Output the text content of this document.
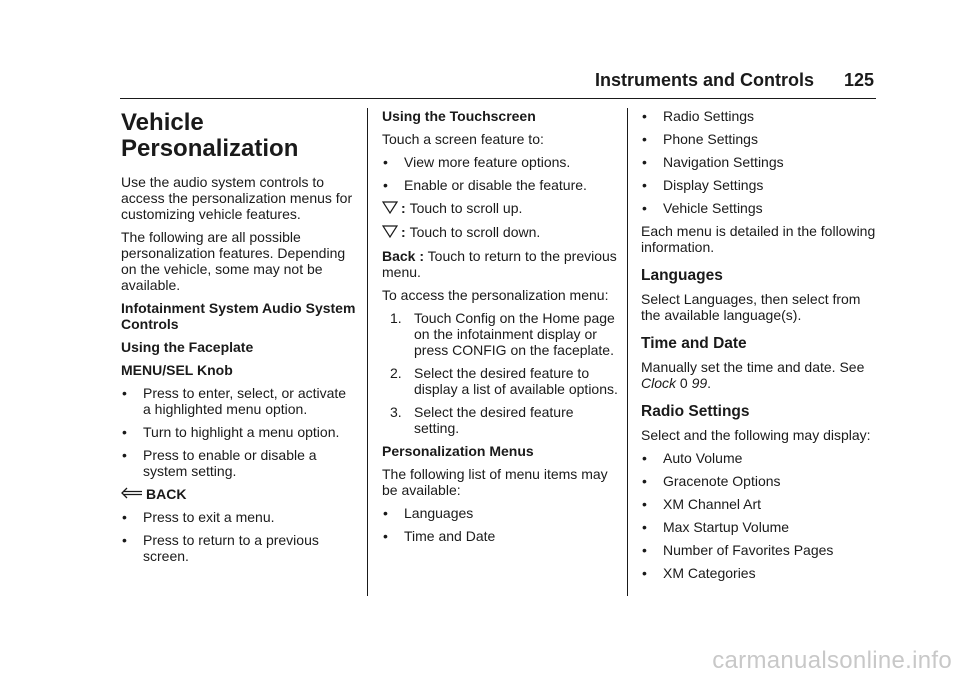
Instruments and Controls 125
Vehicle
Personalization

Use the audio system controls to access the personalization menus for customizing vehicle features.

The following are all possible personalization features. Depending on the vehicle, some may not be available.

Infotainment System Audio System Controls

Using the Faceplate

MENU/SEL Knob

• Press to enter, select, or activate a highlighted menu option.
• Turn to highlight a menu option.
• Press to enable or disable a system setting.
BACK
• Press to exit a menu.
• Press to return to a previous screen.

Using the Touchscreen

Touch a screen feature to:

• View more feature options.
• Enable or disable the feature.
:
Touch to scroll up.
:
Touch to scroll down.

Back : Touch to return to the previous menu.

To access the personalization menu:

1. Touch Config on the Home page on the infotainment display or press CONFIG on the faceplate.
2. Select the desired feature to display a list of available options.
3. Select the desired feature setting.

Personalization Menus

The following list of menu items may be available:

• Languages
• Time and Date
• Radio Settings
• Phone Settings
• Navigation Settings
• Display Settings
• Vehicle Settings

Each menu is detailed in the following information.

Languages

Select Languages, then select from the available language(s).

Time and Date

Manually set the time and date. See
Clock 0 99.

Radio Settings

Select and the following may display:

• Auto Volume
• Gracenote Options
• XM Channel Art
• Max Startup Volume
• Number of Favorites Pages
• XM Categories
carmanualsonline.info
